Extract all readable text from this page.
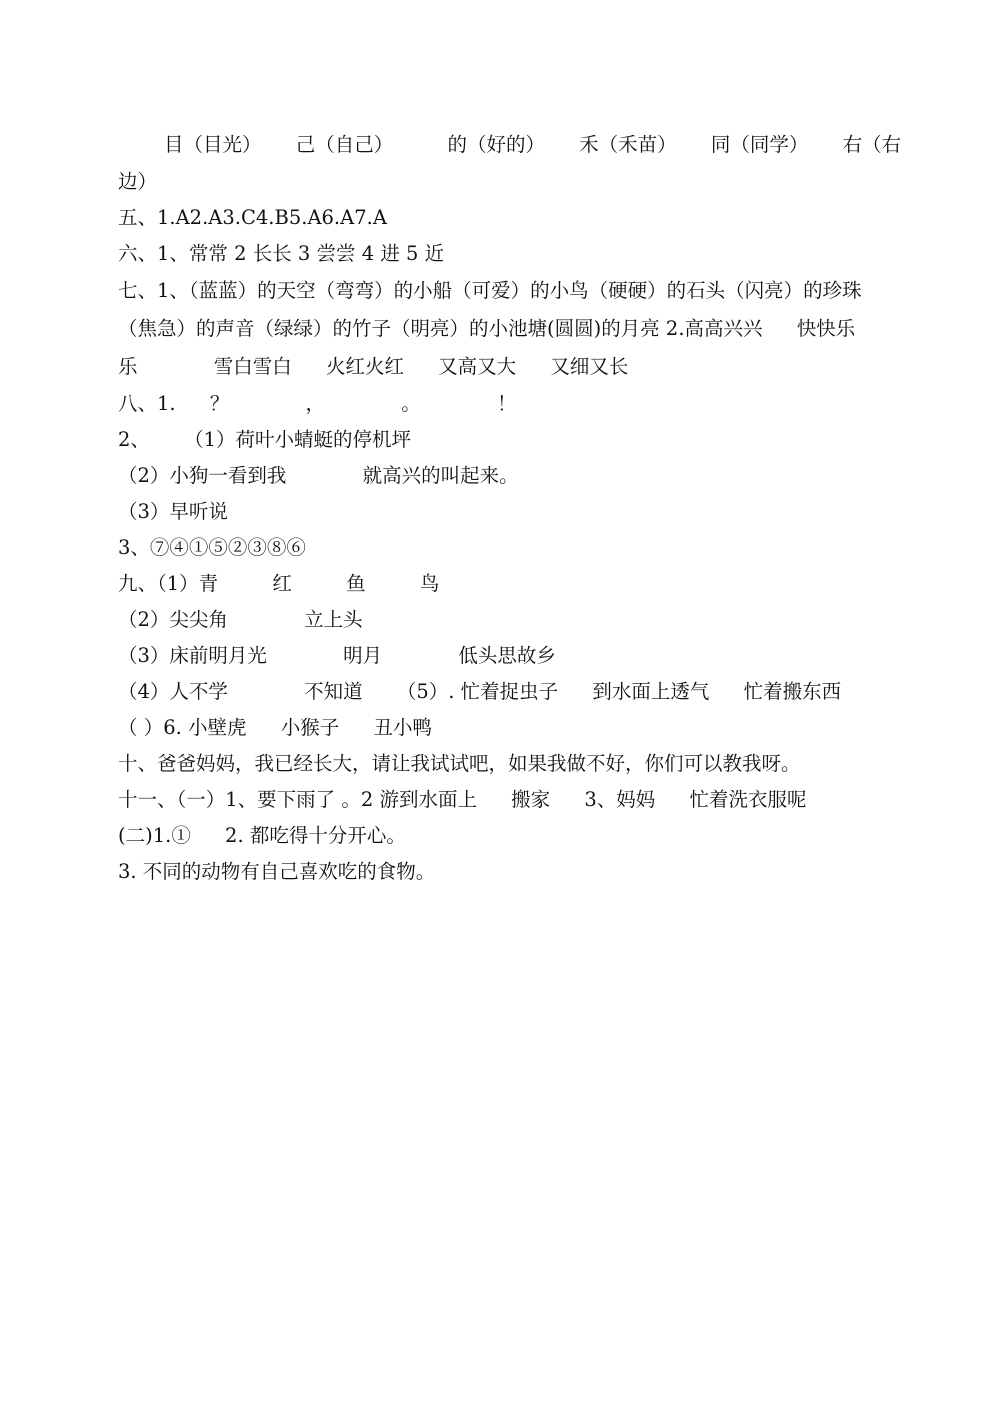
目（目光） 己（自己）	的（好的） 禾（禾苗） 同（同学） 右（右
边）
五、1.A2.A3.C4.B5.A6.A7.A
六、1、常常 2 长长 3 尝尝 4 进 5 近
七、1、（蓝蓝）的天空（弯弯）的小船（可爱）的小鸟（硬硬）的石头（闪亮）的珍珠
（焦急）的声音（绿绿）的竹子（明亮）的小池塘(圆圆)的月亮 2.高高兴兴 快快乐
乐	雪白雪白 火红火红 又高又大 又细又长
八、1. ？	，	。	！
2、 （1）荷叶小蜻蜓的停机坪
（2）小狗一看到我	就高兴的叫起来。
（3）早听说
3、⑦④①⑤②③⑧⑥
九、（1）青	红	鱼	鸟
（2）尖尖角	立上头
（3）床前明月光	明月	低头思故乡
（4）人不学	不知道 （5）. 忙着捉虫子 到水面上透气 忙着搬东西
（ ）6. 小壁虎 小猴子 丑小鸭
十、爸爸妈妈，我已经长大，请让我试试吧，如果我做不好，你们可以教我呀。
十一、（一）1、要下雨了 。2 游到水面上 搬家 3、妈妈 忙着洗衣服呢
(二)1.① 2. 都吃得十分开心。
3. 不同的动物有自己喜欢吃的食物。
